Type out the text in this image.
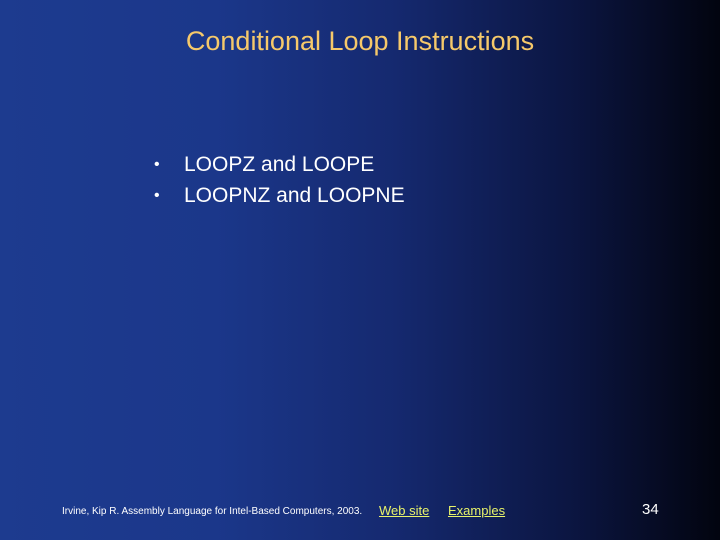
Conditional Loop Instructions
• LOOPZ and LOOPE
• LOOPNZ and LOOPNE
Irvine, Kip R. Assembly Language for Intel-Based Computers, 2003. Web site Examples	34
